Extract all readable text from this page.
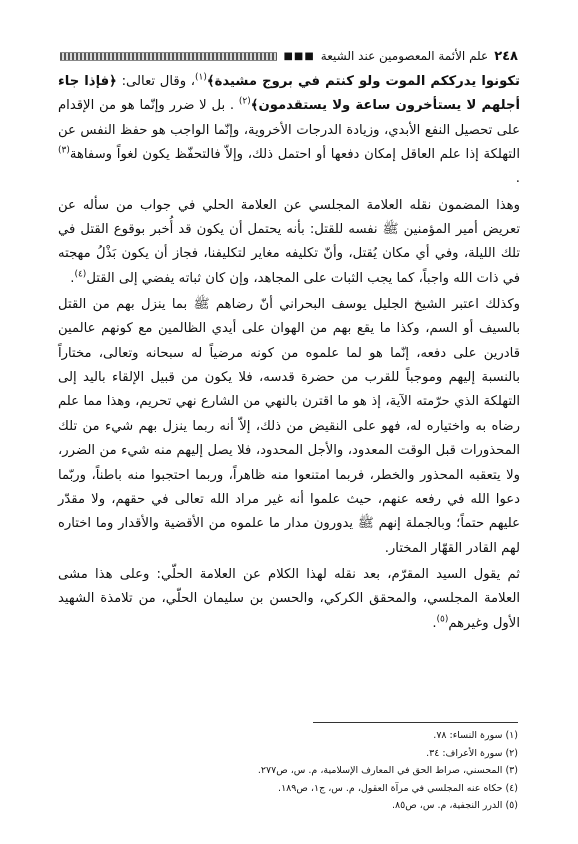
٢٤٨
علم الأئمة المعصومين عند الشيعة
■■■

تكونوا يدرككم الموت ولو كنتم في بروج مشيدة﴾$^{(١)}$، وقال تعالى: ﴿فإذا جاء أجلهم لا يستأخرون ساعة ولا يستقدمون﴾$^{(٢)}$ . بل لا ضرر وإنّما هو من الإقدام على تحصيل النفع الأبدي، وزيادة الدرجات الأخروية، وإنّما الواجب هو حفظ النفس عن التهلكة إذا علم العاقل إمكان دفعها أو احتمل ذلك، وإلاّ فالتحفّظ يكون لغواً وسفاهة$^{(٣)}$ .

وهذا المضمون نقله العلامة المجلسي عن العلامة الحلي في جواب من سأله عن تعريض أمير المؤمنين ﷺ نفسه للقتل: بأنه يحتمل أن يكون قد أُخبر بوقوع القتل في تلك الليلة، وفي أي مكان يُقتل، وأنّ تكليفه مغاير لتكليفنا، فجاز أن يكون بَذْلُ مهجته في ذات الله واجباً، كما يجب الثبات على المجاهد، وإن كان ثباته يفضي إلى القتل$^{(٤)}$.

وكذلك اعتبر الشيخ الجليل يوسف البحراني أنّ رضاهم ﷺ بما ينزل بهم من القتل بالسيف أو السم، وكذا ما يقع بهم من الهوان على أيدي الظالمين مع كونهم عالمين قادرين على دفعه، إنّما هو لما علموه من كونه مرضياً له سبحانه وتعالى، مختاراً بالنسبة إليهم وموجباً للقرب من حضرة قدسه، فلا يكون من قبيل الإلقاء باليد إلى التهلكة الذي حرّمته الآية، إذ هو ما اقترن بالنهي من الشارع نهي تحريم، وهذا مما علم رضاه به واختياره له، فهو على النقيض من ذلك، إلاّ أنه ربما ينزل بهم شيء من تلك المحذورات قبل الوقت المعدود، والأجل المحدود، فلا يصل إليهم منه شيء من الضرر، ولا يتعقبه المحذور والخطر، فربما امتنعوا منه ظاهراً، وربما احتجبوا منه باطناً، وربّما دعوا الله في رفعه عنهم، حيث علموا أنه غير مراد الله تعالى في حقهم، ولا مقدّر عليهم حتماً؛ وبالجملة إنهم ﷺ يدورون مدار ما علموه من الأقضية والأقدار وما اختاره لهم القادر القهّار المختار.

ثم يقول السيد المقرّم، بعد نقله لهذا الكلام عن العلامة الحلّي: وعلى هذا مشى العلامة المجلسي، والمحقق الكركي، والحسن بن سليمان الحلّي، من تلامذة الشهيد الأول وغيرهم$^{(٥)}$.

(١) سورة النساء: ٧٨.
(٢) سورة الأعراف: ٣٤.
(٣) المحسني، صراط الحق في المعارف الإسلامية، م. س، ص٢٧٧.
(٤) حكاه عنه المجلسي في مرآة العقول، م. س، ج١، ص١٨٩.
(٥) الدرر النجفية، م. س، ص٨٥.
